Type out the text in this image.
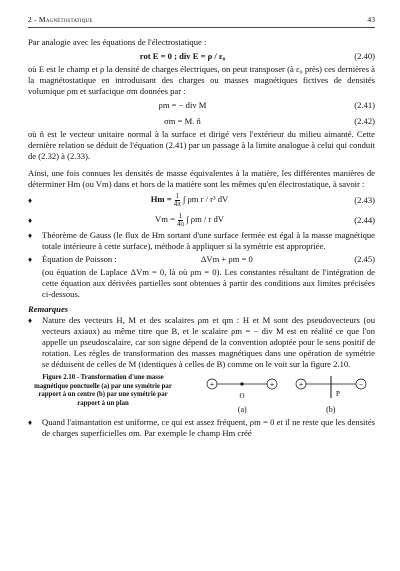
2 - Magnétostatique	43

Par analogie avec les équations de l'électrostatique :

rot E = 0 ; div E = ρ / ε₀	(2.40)

où E est le champ et ρ la densité de charges électriques, on peut transposer (à ε₀ près) ces dernières à la magnétostatique en introduisant des charges ou masses magnétiques fictives de densités volumique ρm et surfacique σm données par :

ρm = − div M	(2.41)
σm = M. n̂	(2.42)

où n̂ est le vecteur unitaire normal à la surface et dirigé vers l'extérieur du milieu aimanté. Cette dernière relation se déduit de l'équation (2.41) par un passage à la limite analogue à celui qui conduit de (2.32) à (2.33).

Ainsi, une fois connues les densités de masse équivalentes à la matière, les différentes manières de déterminer Hm (ou Vm) dans et hors de la matière sont les mêmes qu'en électrostatique, à savoir :

♦	$Hm = \frac{1}{4\pi}$ ∫ ρm r / r³ dV	(2.43)
♦	$Vm = \frac{1}{4\pi}$ ∫ ρm / r dV	(2.44)
♦	Théorème de Gauss (le flux de Hm sortant d'une surface fermée est égal à la masse magnétique totale intérieure à cette surface), méthode à appliquer si la symétrie est appropriée.
♦	Équation de Poisson :	ΔVm + ρm = 0	(2.45)

(ou équation de Laplace ΔVm = 0, là où ρm = 0). Les constantes résultant de l'intégration de cette équation aux dérivées partielles sont obtenues à partir des conditions aux limites précisées ci-dessous.

Remarques
♦	Nature des vecteurs H, M et des scalaires ρm et qm : H et M sont des pseudovecteurs (ou vecteurs axiaux) au même titre que B, et le scalaire ρm = − div M est en réalité ce que l'on appelle un pseudoscalaire, car son signe dépend de la convention adoptée pour le sens positif de rotation. Les règles de transformation des masses magnétiques dans une opération de symétrie se déduisent de celles de M (identiques à celles de B) comme on le voit sur la figure 2.10.
Figure 2.10 - Transformation d'une masse magnétique ponctuelle (a) par une symétrie par rapport à un centre (b) par une symétrie par rapport à un plan
+	+
O
(a)
+	−
P
(b)
♦	Quand l'aimantation est uniforme, ce qui est assez fréquent, ρm = 0 et il ne reste que les densités de charges superficielles σm. Par exemple le champ Hm créé
